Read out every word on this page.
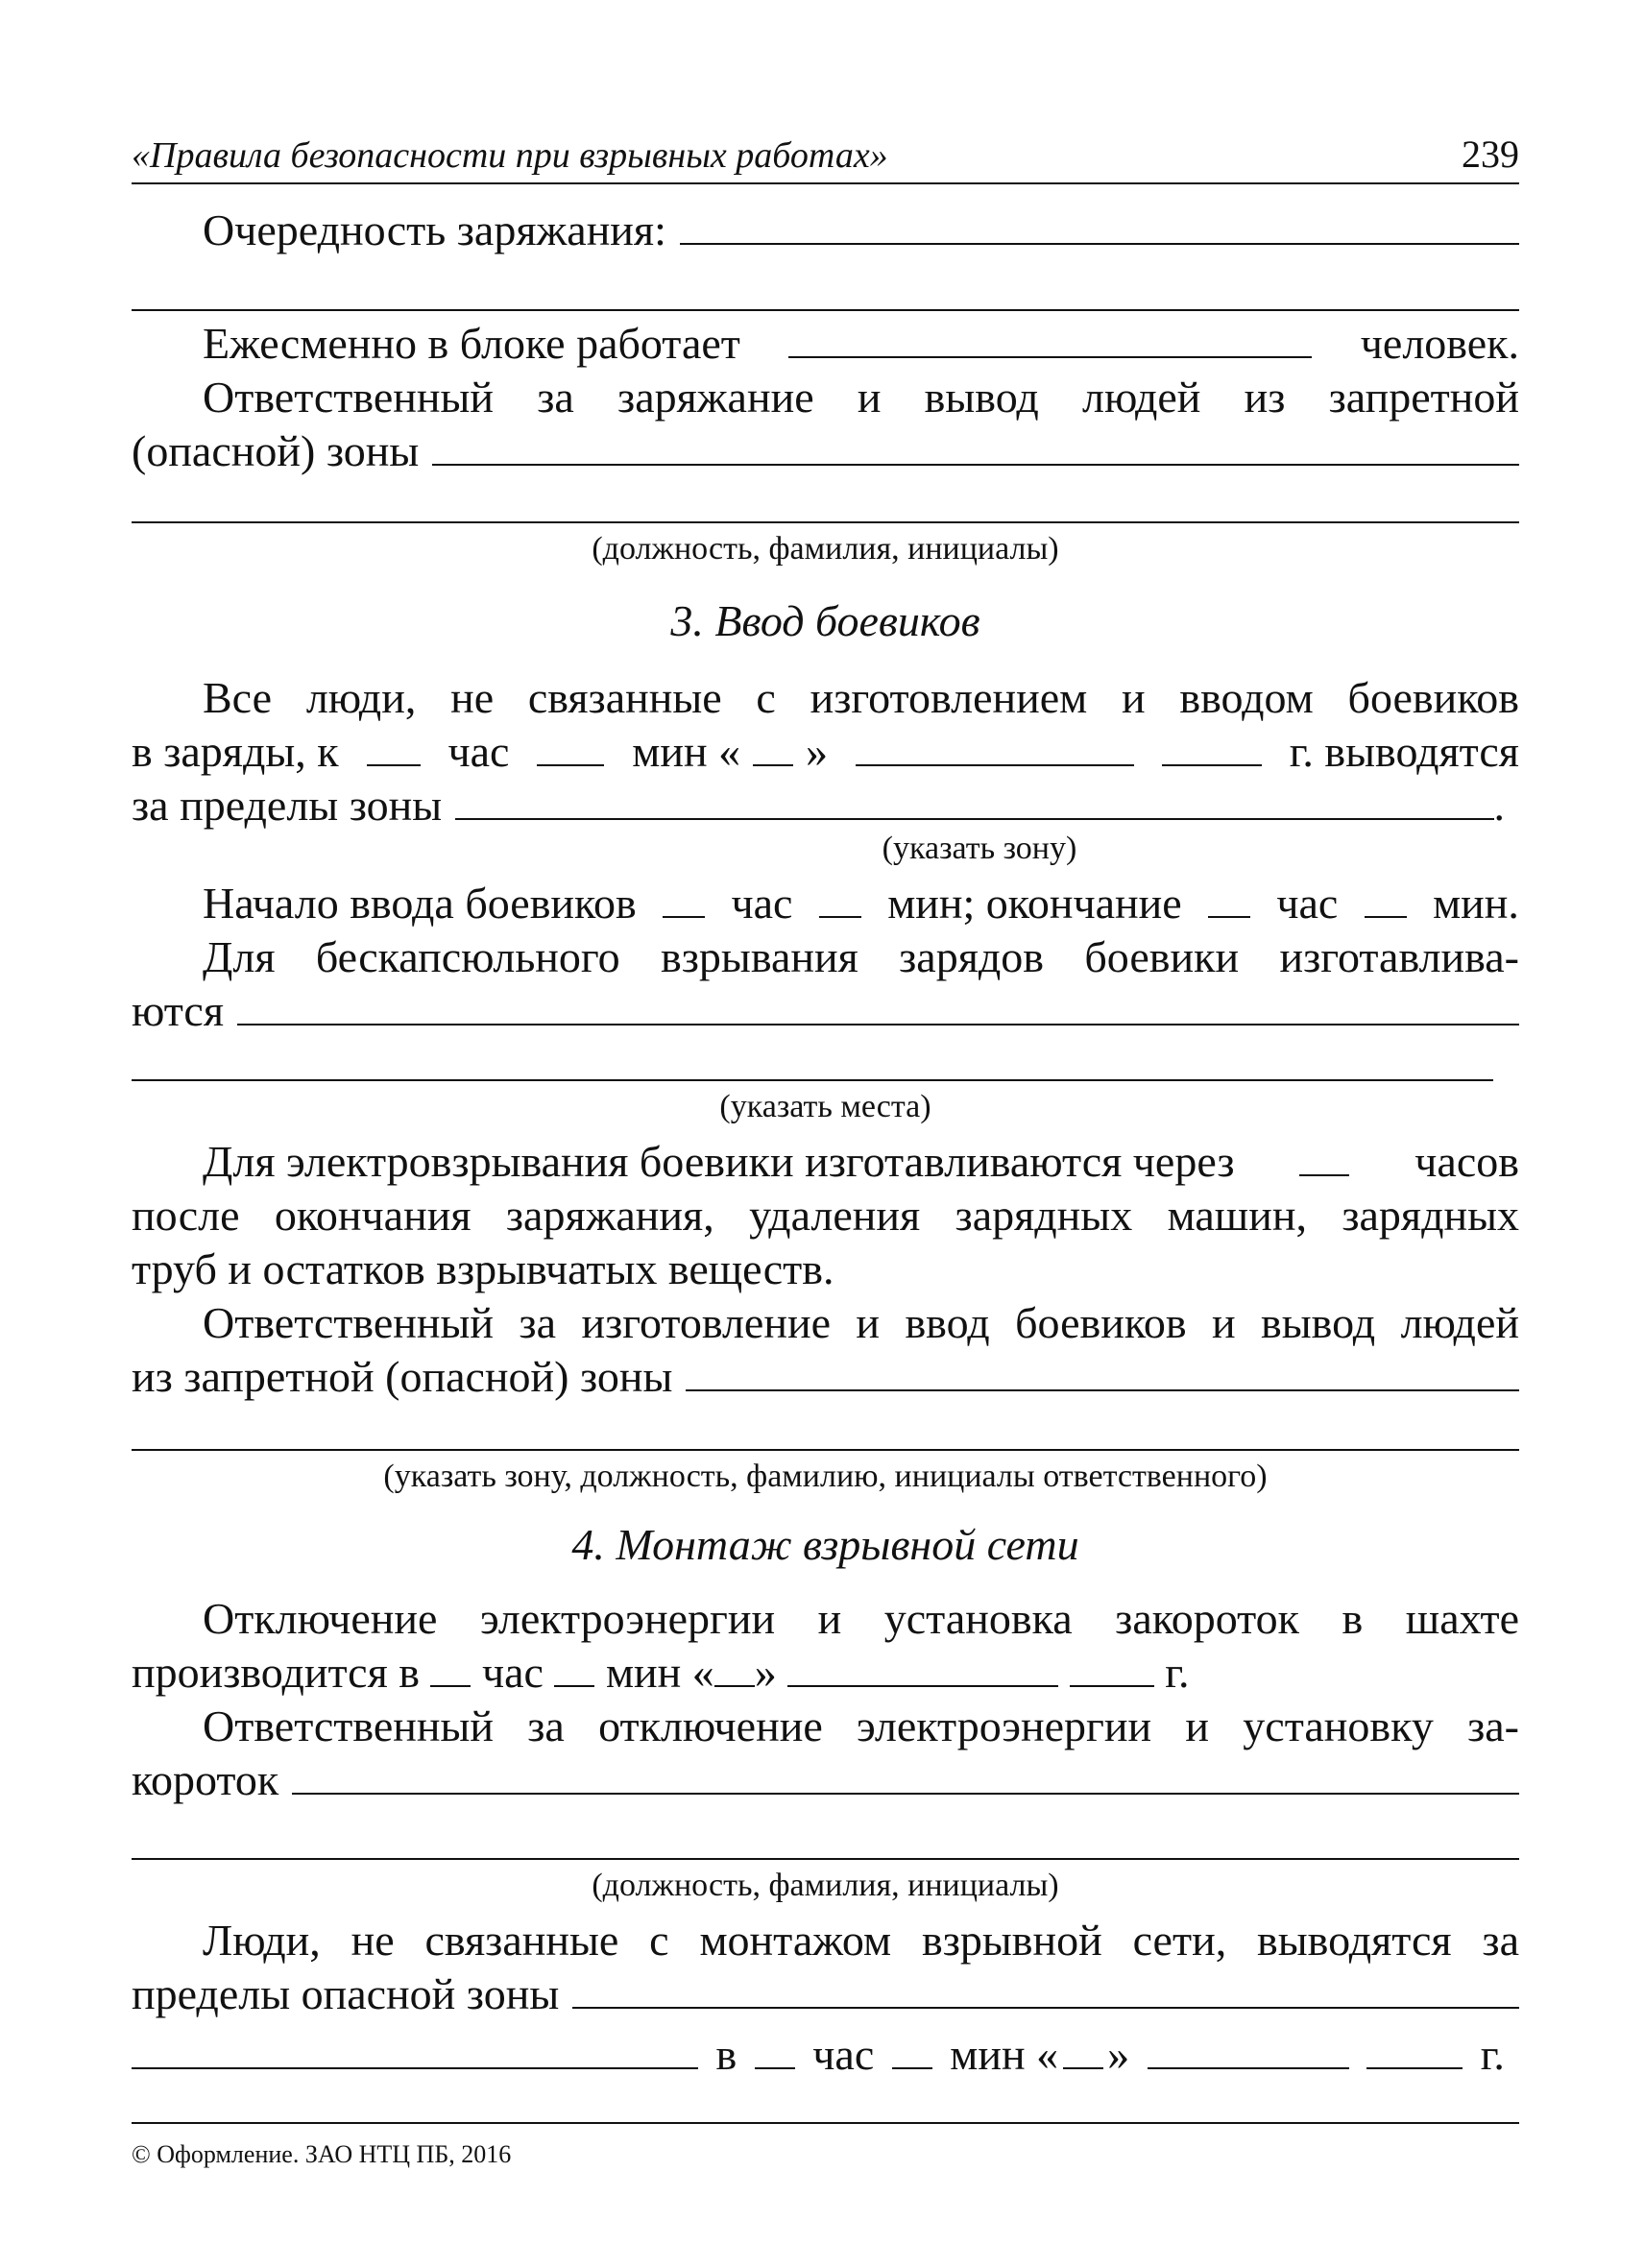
«Правила безопасности при взрывных работах»	239
Очередность заряжания:
Ежесменно в блоке работает	человек.
Ответственный за заряжание и вывод людей из запретной
(опасной) зоны
(должность, фамилия, инициалы)
3. Ввод боевиков
Все люди, не связанные с изготовлением и вводом боевиков
в заряды, к час	мин « »	г. выводятся
за пределы зоны	.
(указать зону)
Начало ввода боевиков час мин; окончание час мин.
Для бескапсюльного взрывания зарядов боевики изготавлива-
ются
(указать места)
Для электровзрывания боевики изготавливаются через	часов
после окончания заряжания, удаления зарядных машин, зарядных
труб и остатков взрывчатых веществ.
Ответственный за изготовление и ввод боевиков и вывод людей
из запретной (опасной) зоны
(указать зону, должность, фамилию, инициалы ответственного)
4. Монтаж взрывной сети
Отключение электроэнергии и установка закороток в шахте
производится в час мин « »	г.
Ответственный за отключение электроэнергии и установку за-
короток
(должность, фамилия, инициалы)
Люди, не связанные с монтажом взрывной сети, выводятся за
пределы опасной зоны
в час мин « »	г.
© Оформление. ЗАО НТЦ ПБ, 2016
